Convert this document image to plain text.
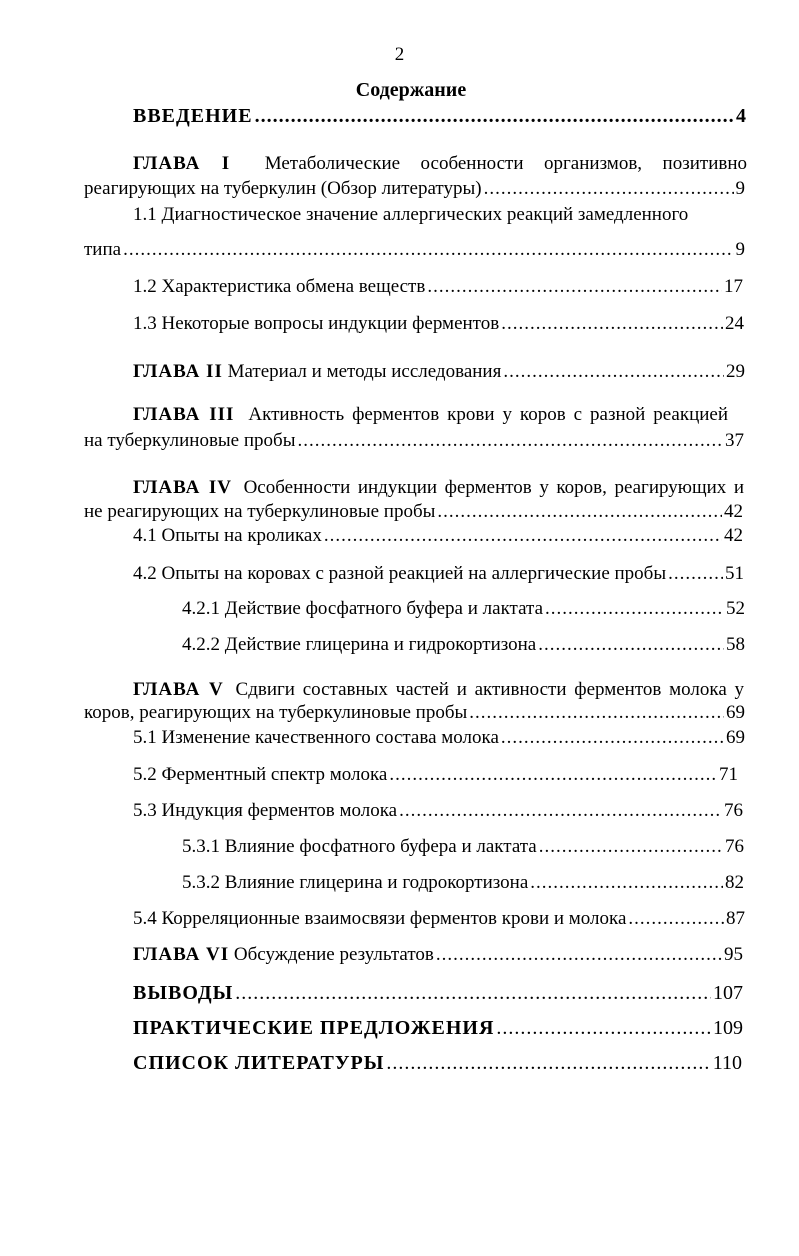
2
Содержание
ВВЕДЕНИЕ .....	4
ГЛАВА I Метаболические особенности организмов, позитивно
реагирующих на туберкулин (Обзор литературы) .....	9
1.1 Диагностическое значение аллергических реакций замедленного
типа .....	9
1.2 Характеристика обмена веществ .....	17
1.3 Некоторые вопросы индукции ферментов .....	24
ГЛАВА II Материал и методы исследования .....	29
ГЛАВА III Активность ферментов крови у коров с разной реакцией
на туберкулиновые пробы .....	37
ГЛАВА IV Особенности индукции ферментов у коров, реагирующих и
не реагирующих на туберкулиновые пробы .....	42
4.1 Опыты на кроликах .....	42
4.2 Опыты на коровах с разной реакцией на аллергические пробы .....	51
4.2.1 Действие фосфатного буфера и лактата .....	52
4.2.2 Действие глицерина и гидрокортизона .....	58
ГЛАВА V Сдвиги составных частей и активности ферментов молока у
коров, реагирующих на туберкулиновые пробы .....	69
5.1 Изменение качественного состава молока .....	69
5.2 Ферментный спектр молока .....	71
5.3 Индукция ферментов молока .....	76
5.3.1 Влияние фосфатного буфера и лактата .....	76
5.3.2 Влияние глицерина и годрокортизона .....	82
5.4 Корреляционные взаимосвязи ферментов крови и молока .....	87
ГЛАВА VI Обсуждение результатов .....	95
ВЫВОДЫ .....	107
ПРАКТИЧЕСКИЕ ПРЕДЛОЖЕНИЯ .....	109
СПИСОК ЛИТЕРАТУРЫ .....	110
